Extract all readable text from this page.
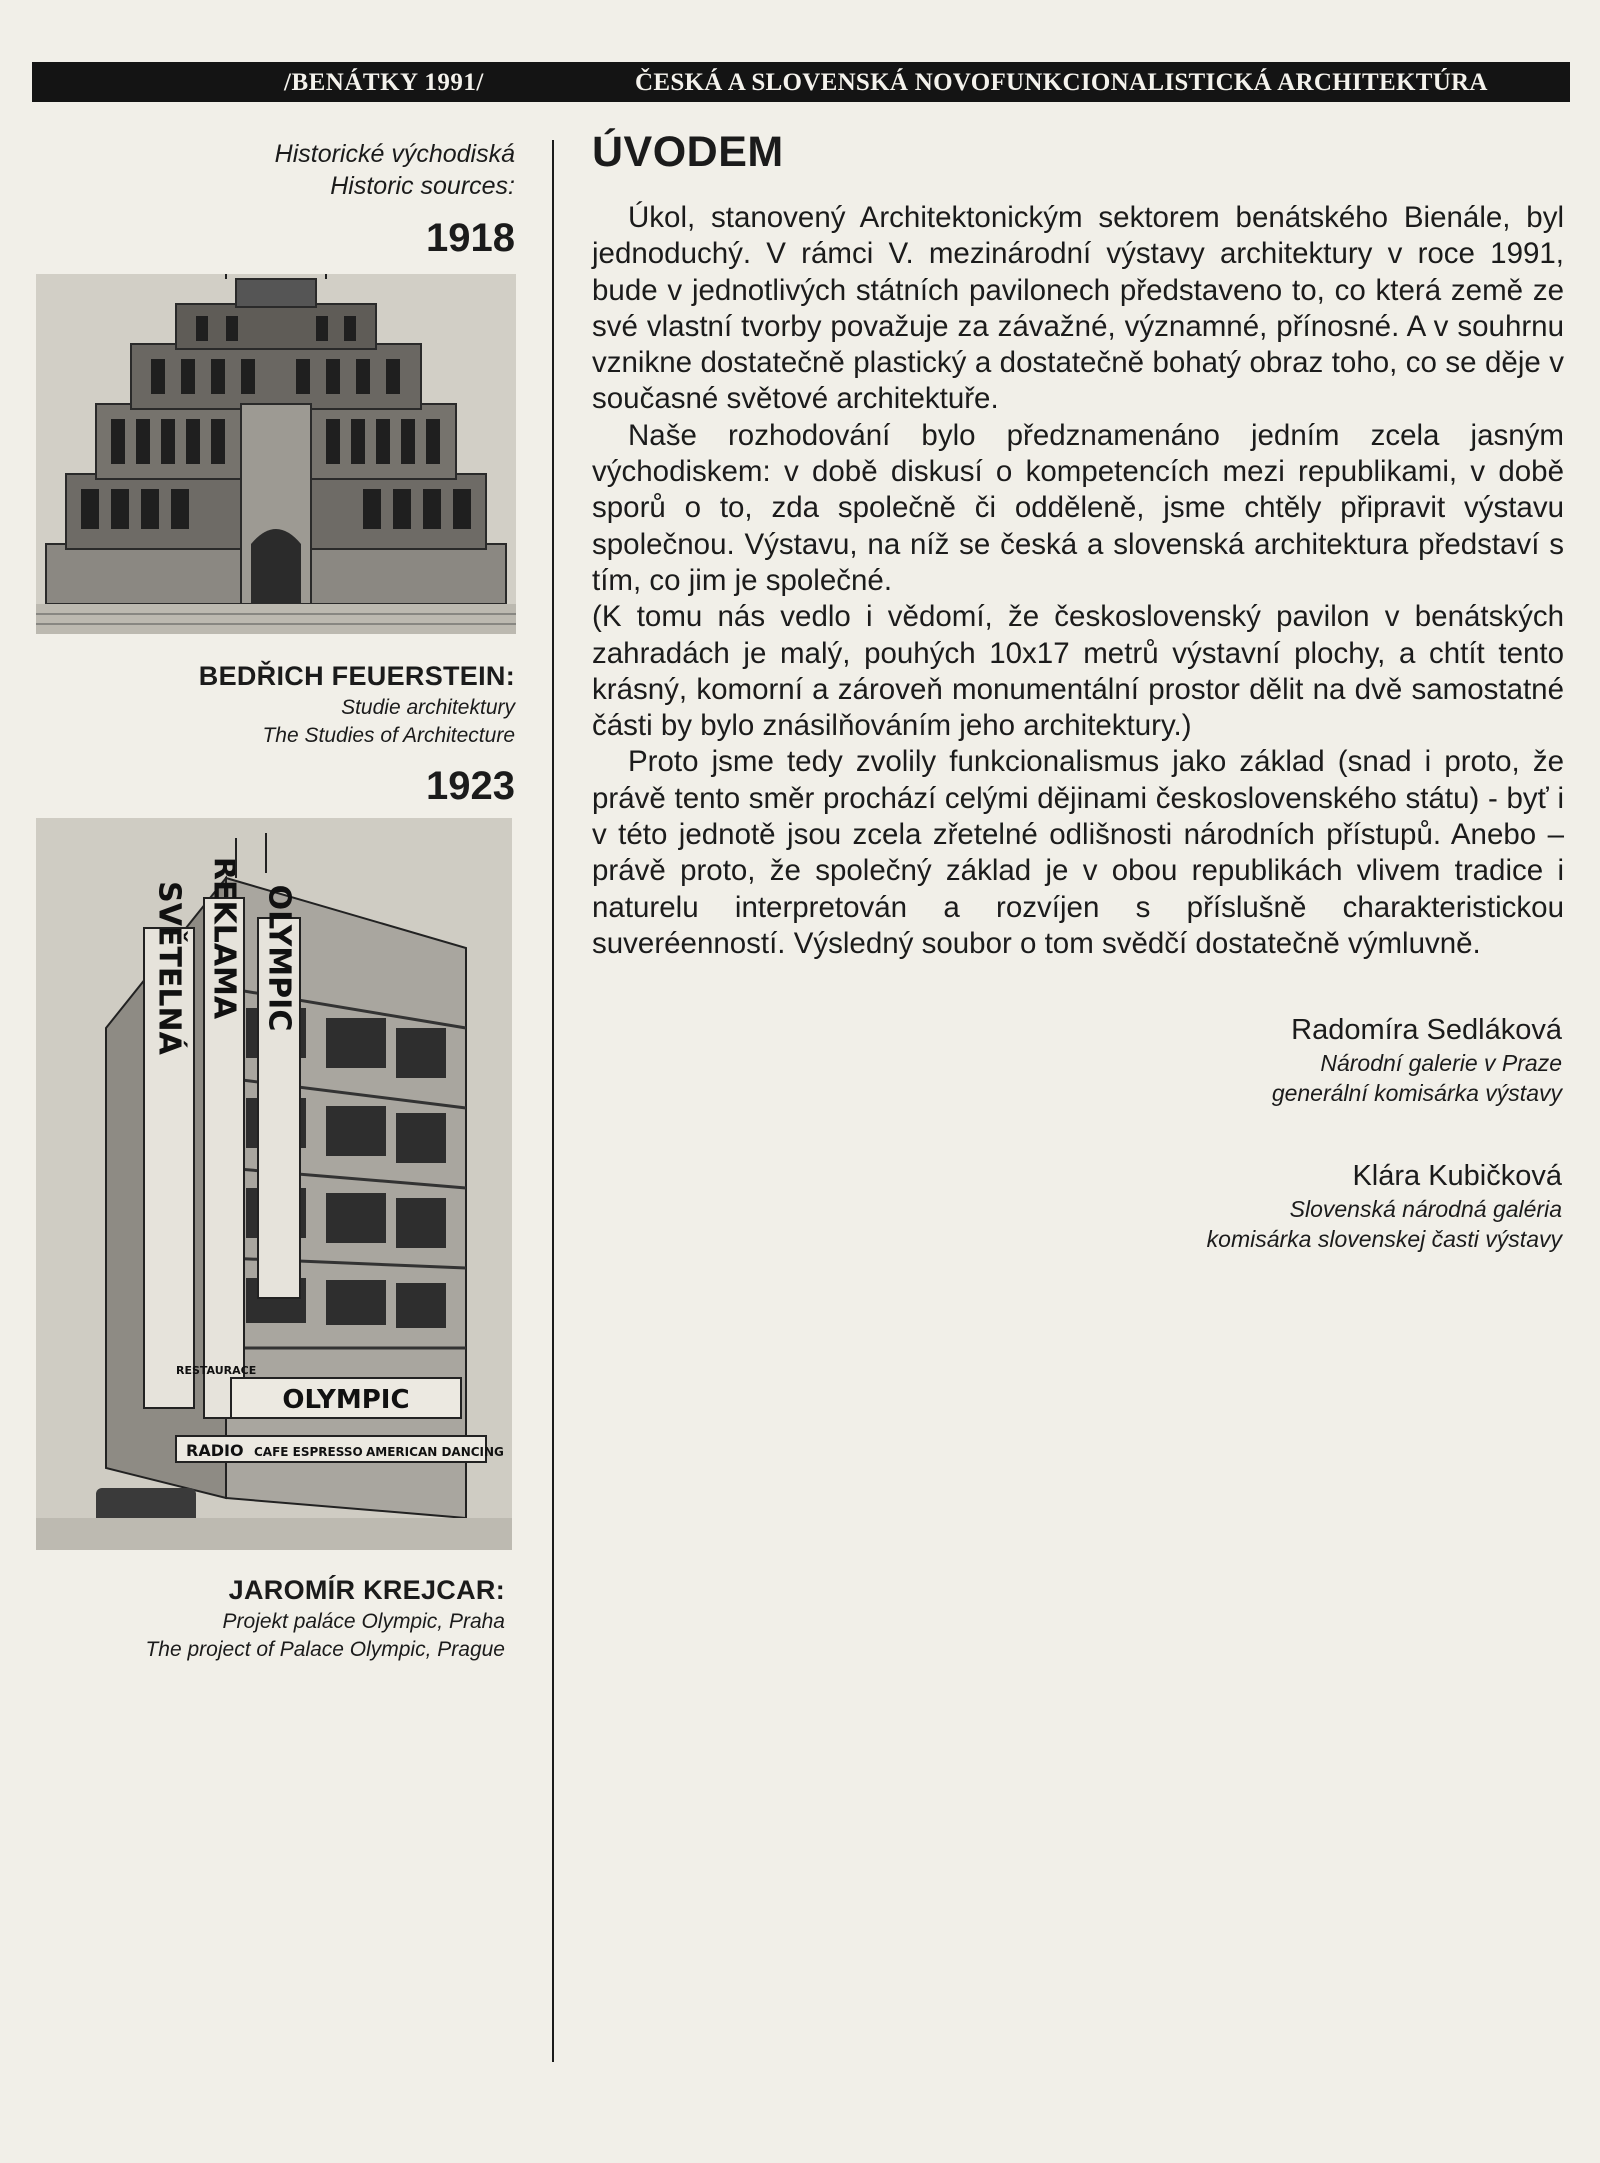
/BENÁTKY 1991/	ČESKÁ A SLOVENSKÁ NOVOFUNKCIONALISTICKÁ ARCHITEKTÚRA
Historické východiská
Historic sources:
1918
BEDŘICH FEUERSTEIN:
Studie architektury
The Studies of Architecture
1923
SVĚTELNÁ REKLAMA OLYMPIC
OLYMPIC
RADIO CAFE ESPRESSO AMERICAN DANCING
RESTAURACE
JAROMÍR KREJCAR:
Projekt paláce Olympic, Praha
The project of Palace Olympic, Prague
ÚVODEM

Úkol, stanovený Architektonickým sektorem benátského Bienále, byl jednoduchý. V rámci V. mezinárodní výstavy architektury v roce 1991, bude v jednotlivých státních pavilonech představeno to, co která země ze své vlastní tvorby považuje za závažné, významné, přínosné. A v souhrnu vznikne dostatečně plastický a dostatečně bohatý obraz toho, co se děje v současné světové architektuře.

Naše rozhodování bylo předznamenáno jedním zcela jasným východiskem: v době diskusí o kompetencích mezi republikami, v době sporů o to, zda společně či odděleně, jsme chtěly připravit výstavu společnou. Výstavu, na níž se česká a slovenská architektura představí s tím, co jim je společné.

(K tomu nás vedlo i vědomí, že československý pavilon v benátských zahradách je malý, pouhých 10x17 metrů výstavní plochy, a chtít tento krásný, komorní a zároveň monumentální prostor dělit na dvě samostatné části by bylo znásilňováním jeho architektury.)

Proto jsme tedy zvolily funkcionalismus jako základ (snad i proto, že právě tento směr prochází celými dějinami československého státu) - byť i v této jednotě jsou zcela zřetelné odlišnosti národních přístupů. Anebo – právě proto, že společný základ je v obou republikách vlivem tradice i naturelu interpretován a rozvíjen s příslušně charakteristickou suveréenností. Výsledný soubor o tom svědčí dostatečně výmluvně.

Radomíra Sedláková
Národní galerie v Praze
generální komisárka výstavy
Klára Kubičková
Slovenská národná galéria
komisárka slovenskej časti výstavy
